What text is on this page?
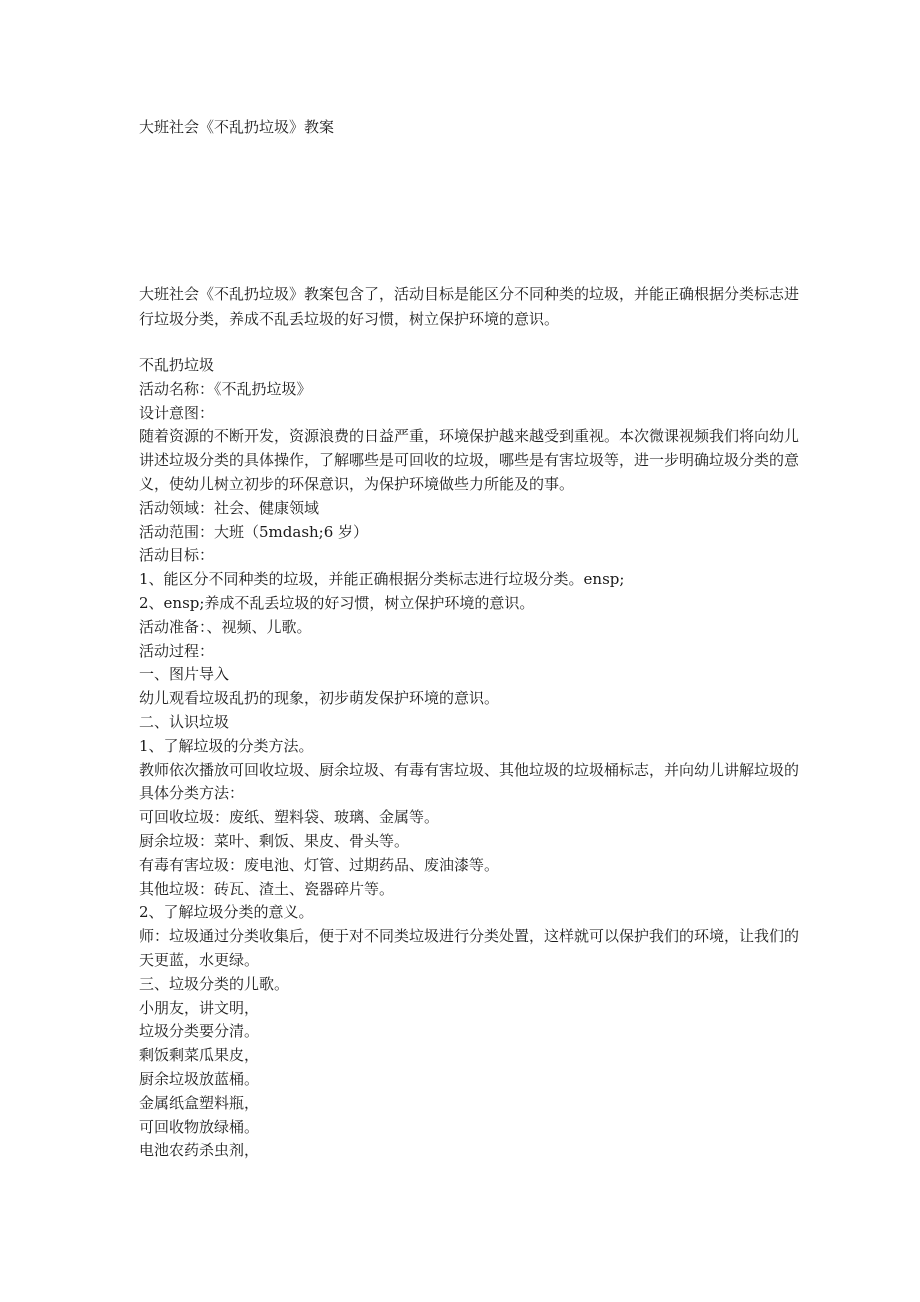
大班社会《不乱扔垃圾》教案

大班社会《不乱扔垃圾》教案包含了，活动目标是能区分不同种类的垃圾，并能正确根据分类标志进行垃圾分类，养成不乱丢垃圾的好习惯，树立保护环境的意识。

不乱扔垃圾
活动名称：《不乱扔垃圾》
设计意图：
随着资源的不断开发，资源浪费的日益严重，环境保护越来越受到重视。本次微课视频我们将向幼儿讲述垃圾分类的具体操作，了解哪些是可回收的垃圾，哪些是有害垃圾等，进一步明确垃圾分类的意义，使幼儿树立初步的环保意识，为保护环境做些力所能及的事。
活动领域：社会、健康领域
活动范围：大班（5mdash;6 岁）
活动目标：
1、能区分不同种类的垃圾，并能正确根据分类标志进行垃圾分类。ensp;
2、ensp;养成不乱丢垃圾的好习惯，树立保护环境的意识。
活动准备：、视频、儿歌。
活动过程：
一、图片导入
幼儿观看垃圾乱扔的现象，初步萌发保护环境的意识。
二、认识垃圾
1、了解垃圾的分类方法。
教师依次播放可回收垃圾、厨余垃圾、有毒有害垃圾、其他垃圾的垃圾桶标志，并向幼儿讲解垃圾的具体分类方法：
可回收垃圾：废纸、塑料袋、玻璃、金属等。
厨余垃圾：菜叶、剩饭、果皮、骨头等。
有毒有害垃圾：废电池、灯管、过期药品、废油漆等。
其他垃圾：砖瓦、渣土、瓷器碎片等。
2、了解垃圾分类的意义。
师：垃圾通过分类收集后，便于对不同类垃圾进行分类处置，这样就可以保护我们的环境，让我们的天更蓝，水更绿。
三、垃圾分类的儿歌。
小朋友，讲文明，
垃圾分类要分清。
剩饭剩菜瓜果皮，
厨余垃圾放蓝桶。
金属纸盒塑料瓶，
可回收物放绿桶。
电池农药杀虫剂，
